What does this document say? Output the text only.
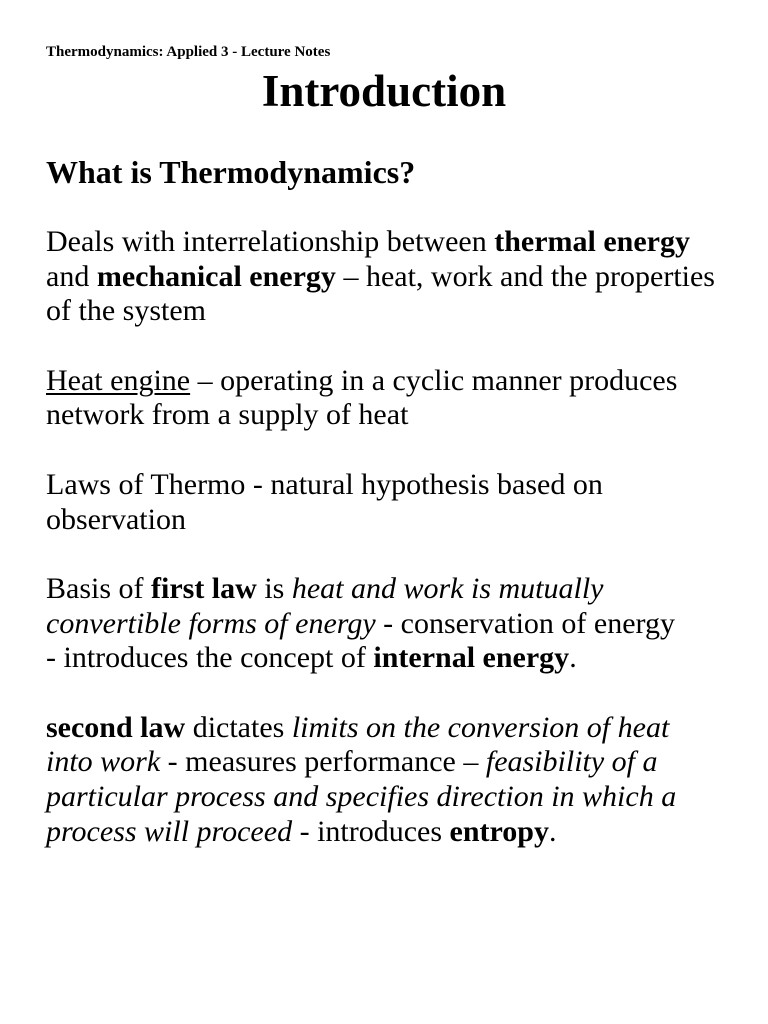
Thermodynamics: Applied 3 - Lecture Notes
Introduction
What is Thermodynamics?
Deals with interrelationship between thermal energy
and mechanical energy – heat, work and the properties
of the system
Heat engine – operating in a cyclic manner produces
network from a supply of heat
Laws of Thermo - natural hypothesis based on
observation
Basis of first law is heat and work is mutually
convertible forms of energy - conservation of energy
- introduces the concept of internal energy.
second law dictates limits on the conversion of heat
into work - measures performance – feasibility of a
particular process and specifies direction in which a
process will proceed - introduces entropy.
